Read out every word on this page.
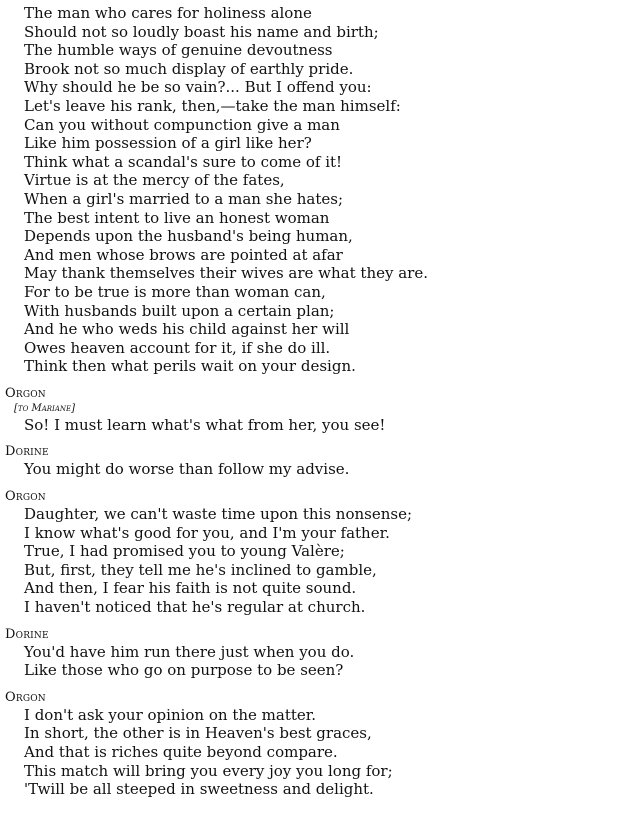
The man who cares for holiness alone

Should not so loudly boast his name and birth;

The humble ways of genuine devoutness

Brook not so much display of earthly pride.

Why should he be so vain?... But I offend you:

Let's leave his rank, then,—take the man himself:

Can you without compunction give a man

Like him possession of a girl like her?

Think what a scandal's sure to come of it!

Virtue is at the mercy of the fates,

When a girl's married to a man she hates;

The best intent to live an honest woman

Depends upon the husband's being human,

And men whose brows are pointed at afar

May thank themselves their wives are what they are.

For to be true is more than woman can,

With husbands built upon a certain plan;

And he who weds his child against her will

Owes heaven account for it, if she do ill.

Think then what perils wait on your design.

Orgon
[to Mariane]

So! I must learn what's what from her, you see!

Dorine

You might do worse than follow my advise.

Orgon

Daughter, we can't waste time upon this nonsense;

I know what's good for you, and I'm your father.

True, I had promised you to young Valère;

But, first, they tell me he's inclined to gamble,

And then, I fear his faith is not quite sound.

I haven't noticed that he's regular at church.

Dorine

You'd have him run there just when you do.

Like those who go on purpose to be seen?

Orgon

I don't ask your opinion on the matter.

In short, the other is in Heaven's best graces,

And that is riches quite beyond compare.

This match will bring you every joy you long for;

'Twill be all steeped in sweetness and delight.
